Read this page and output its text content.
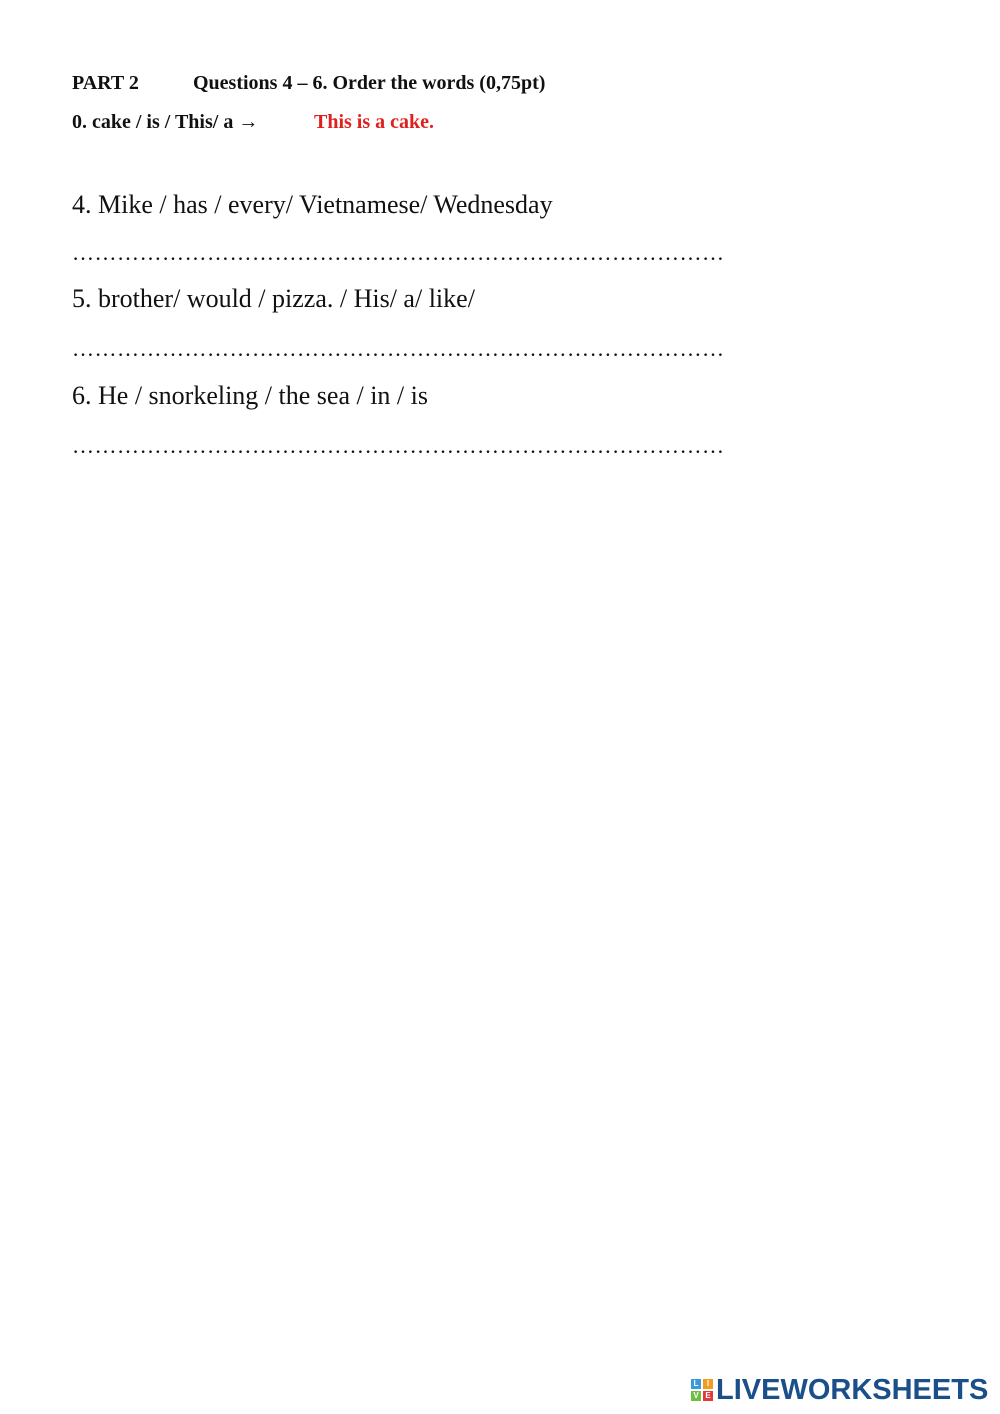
PART 2	Questions 4 – 6. Order the words (0,75pt)
0. cake / is / This/ a →	This is a cake.
4. Mike / has / every/ Vietnamese/ Wednesday
……………………………………………………………………………
5. brother/ would / pizza. / His/ a/ like/
……………………………………………………………………………
6. He / snorkeling / the sea / in / is
……………………………………………………………………………
L	I
V E LIVEWORKSHEETS
